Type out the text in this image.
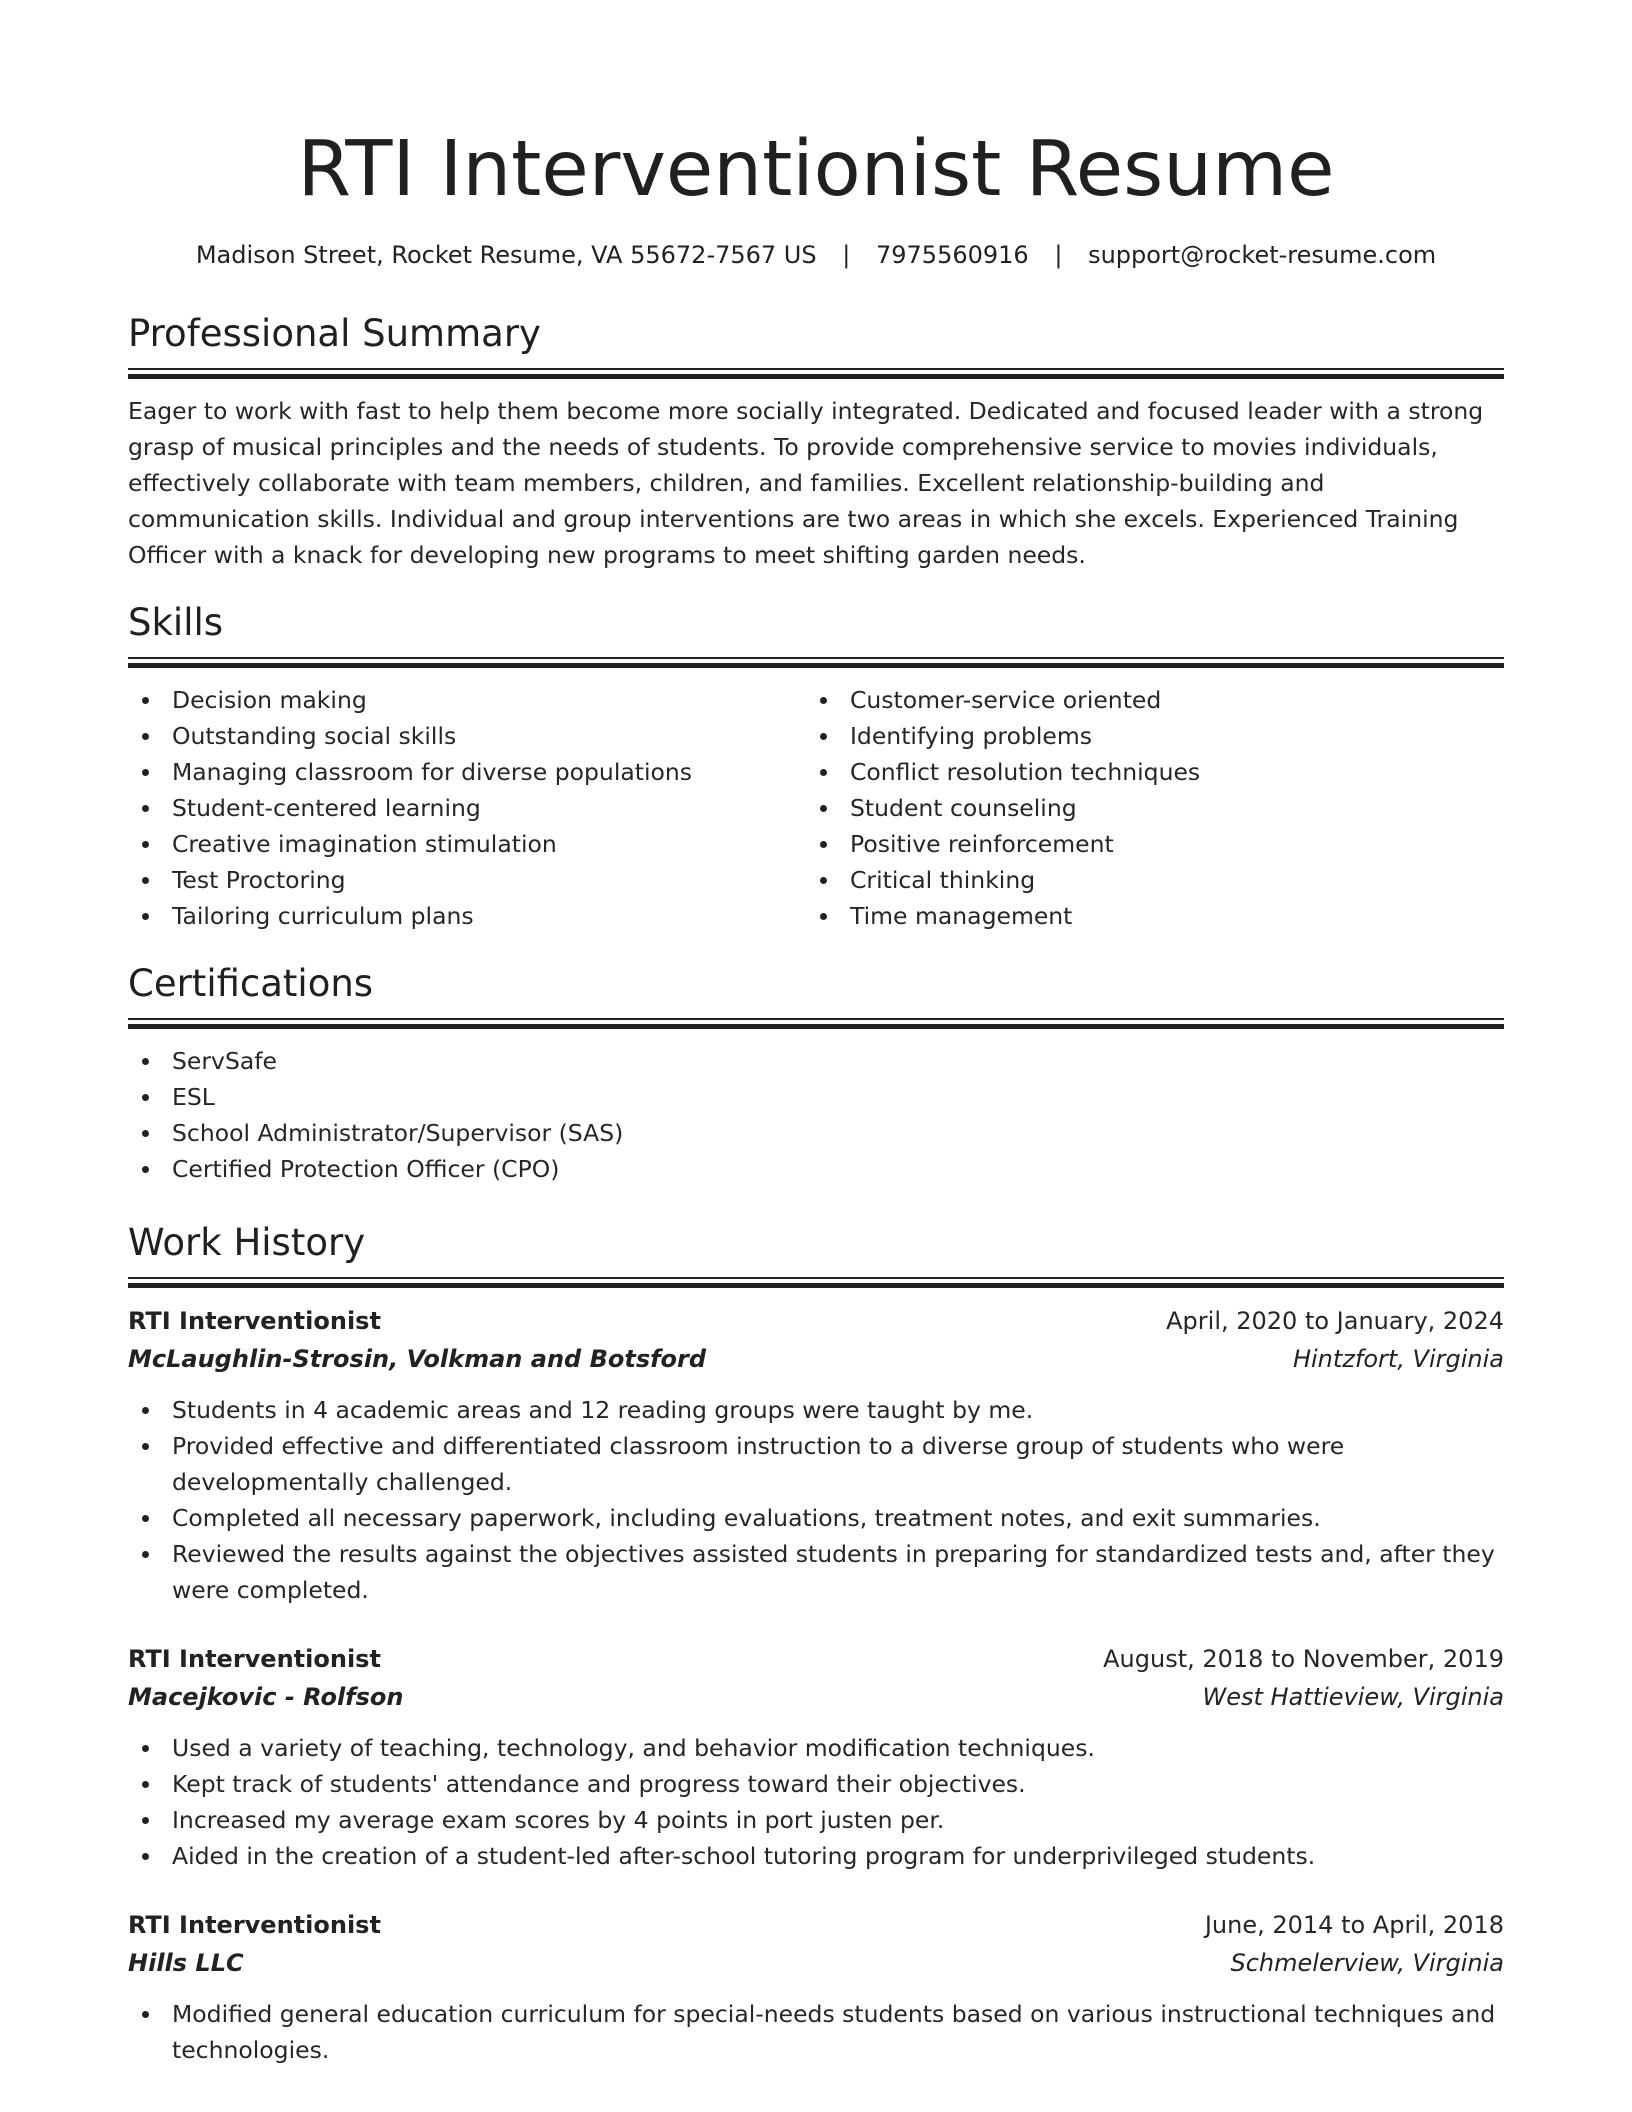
RTI Interventionist Resume
Madison Street, Rocket Resume, VA 55672-7567 US | 7975560916 | support@rocket-resume.com
Professional Summary

Eager to work with fast to help them become more socially integrated. Dedicated and focused leader with a strong grasp of musical principles and the needs of students. To provide comprehensive service to movies individuals, effectively collaborate with team members, children, and families. Excellent relationship-building and communication skills. Individual and group interventions are two areas in which she excels. Experienced Training Officer with a knack for developing new programs to meet shifting garden needs.

Skills
Decision making
Outstanding social skills
Managing classroom for diverse populations
Student-centered learning
Creative imagination stimulation
Test Proctoring
Tailoring curriculum plans
Customer-service oriented
Identifying problems
Conflict resolution techniques
Student counseling
Positive reinforcement
Critical thinking
Time management
Certifications
ServSafe
ESL
School Administrator/Supervisor (SAS)
Certified Protection Officer (CPO)
Work History
RTI Interventionist	April, 2020 to January, 2024
McLaughlin-Strosin, Volkman and Botsford	Hintzfort, Virginia
Students in 4 academic areas and 12 reading groups were taught by me.
Provided effective and differentiated classroom instruction to a diverse group of students who were developmentally challenged.
Completed all necessary paperwork, including evaluations, treatment notes, and exit summaries.
Reviewed the results against the objectives assisted students in preparing for standardized tests and, after they were completed.
RTI Interventionist	August, 2018 to November, 2019
Macejkovic - Rolfson	West Hattieview, Virginia
Used a variety of teaching, technology, and behavior modification techniques.
Kept track of students' attendance and progress toward their objectives.
Increased my average exam scores by 4 points in port justen per.
Aided in the creation of a student-led after-school tutoring program for underprivileged students.
RTI Interventionist	June, 2014 to April, 2018
Hills LLC	Schmelerview, Virginia
Modified general education curriculum for special-needs students based on various instructional techniques and technologies.
